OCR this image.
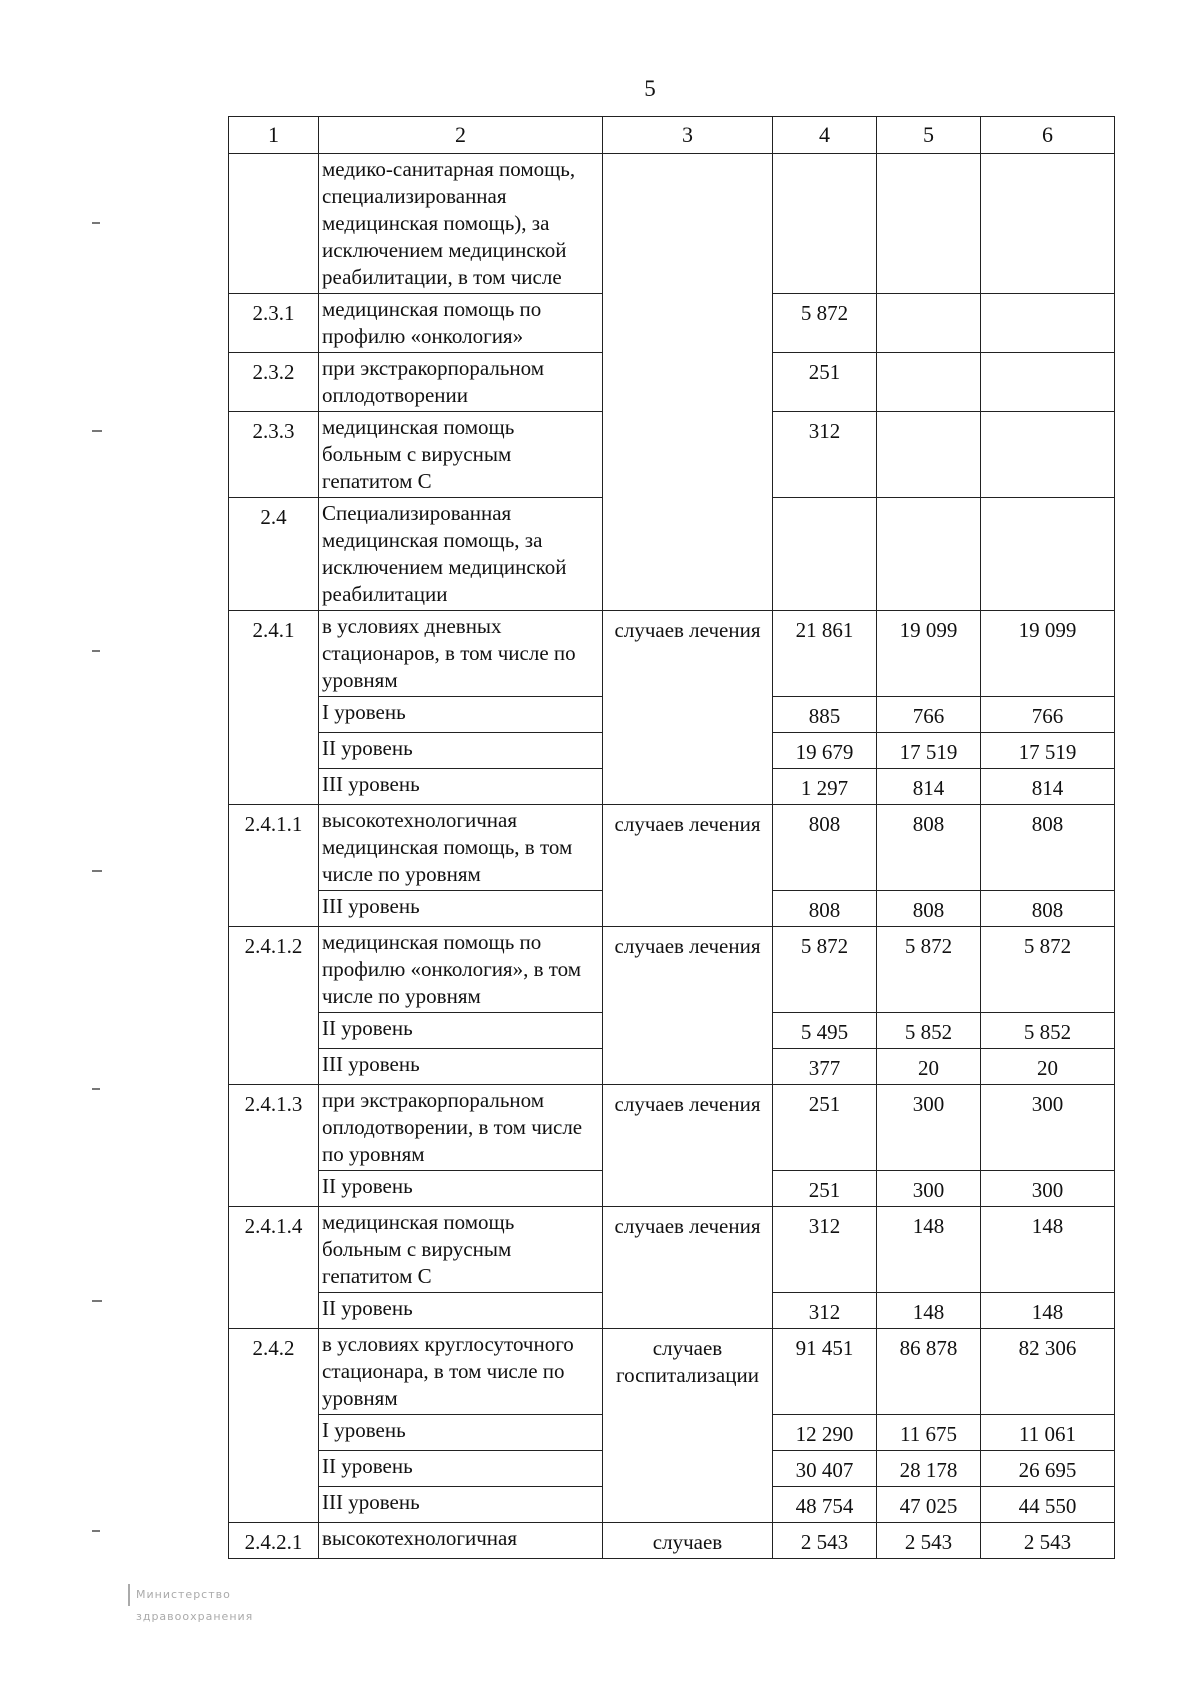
5
1	2	3	4	5	6
	медико-санитарная помощь, специализированная медицинская помощь), за исключением медицинской реабилитации, в том числе				
2.3.1	медицинская помощь по профилю «онкология»		5 872		
2.3.2	при экстракорпоральном оплодотворении		251		
2.3.3	медицинская помощь больным с вирусным гепатитом С		312		
2.4	Специализированная медицинская помощь, за исключением медицинской реабилитации				
2.4.1	в условиях дневных стационаров, в том числе по уровням	случаев лечения	21 861	19 099	19 099
	I уровень		885	766	766
	II уровень		19 679	17 519	17 519
	III уровень		1 297	814	814
2.4.1.1	высокотехнологичная медицинская помощь, в том числе по уровням	случаев лечения	808	808	808
	III уровень		808	808	808
2.4.1.2	медицинская помощь по профилю «онкология», в том числе по уровням	случаев лечения	5 872	5 872	5 872
	II уровень		5 495	5 852	5 852
	III уровень		377	20	20
2.4.1.3	при экстракорпоральном оплодотворении, в том числе по уровням	случаев лечения	251	300	300
	II уровень		251	300	300
2.4.1.4	медицинская помощь больным с вирусным гепатитом С	случаев лечения	312	148	148
	II уровень		312	148	148
2.4.2	в условиях круглосуточного стационара, в том числе по уровням	случаев госпитализации	91 451	86 878	82 306
	I уровень		12 290	11 675	11 061
	II уровень		30 407	28 178	26 695
	III уровень		48 754	47 025	44 550
2.4.2.1	высокотехнологичная	случаев	2 543	2 543	2 543
Министерство здравоохранения
